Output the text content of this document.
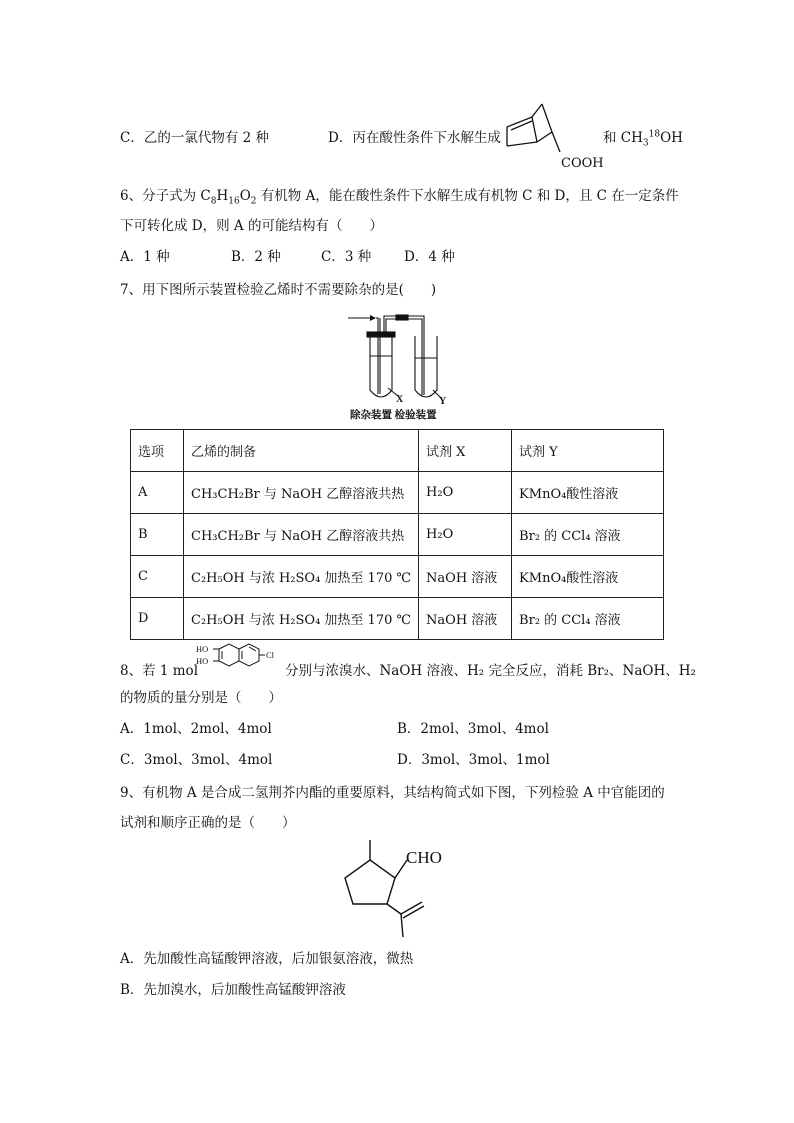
C．乙的一氯代物有 2 种	D．丙在酸性条件下水解生成
COOH
和 $CH_3^{18}OH$
6、分子式为 $C_8H_{16}O_2$ 有机物 A，能在酸性条件下水解生成有机物 C 和 D，且 C 在一定条件
下可转化成 D，则 A 的可能结构有（　　）
A．1 种	B．2 种	C．3 种 D．4 种
7、用下图所示装置检验乙烯时不需要除杂的是(　　)
X	Y
除杂装置 检验装置
选项	乙烯的制备	试剂 X	试剂 Y
A	CH₃CH₂Br 与 NaOH 乙醇溶液共热	H₂O	KMnO₄酸性溶液
B	CH₃CH₂Br 与 NaOH 乙醇溶液共热	H₂O	Br₂ 的 CCl₄ 溶液
C	C₂H₅OH 与浓 H₂SO₄ 加热至 170 ℃	NaOH 溶液	KMnO₄酸性溶液
D	C₂H₅OH 与浓 H₂SO₄ 加热至 170 ℃	NaOH 溶液	Br₂ 的 CCl₄ 溶液
8、若 1 mol
HO
HO
Cl
分别与浓溴水、NaOH 溶液、H₂ 完全反应，消耗 Br₂、NaOH、H₂
的物质的量分别是（　　）
A．1mol、2mol、4mol	B．2mol、3mol、4mol
C．3mol、3mol、4mol	D．3mol、3mol、1mol
9、有机物 A 是合成二氢荆芥内酯的重要原料，其结构简式如下图，下列检验 A 中官能团的
试剂和顺序正确的是（　　）
CHO
A．先加酸性高锰酸钾溶液，后加银氨溶液，微热
B．先加溴水，后加酸性高锰酸钾溶液
